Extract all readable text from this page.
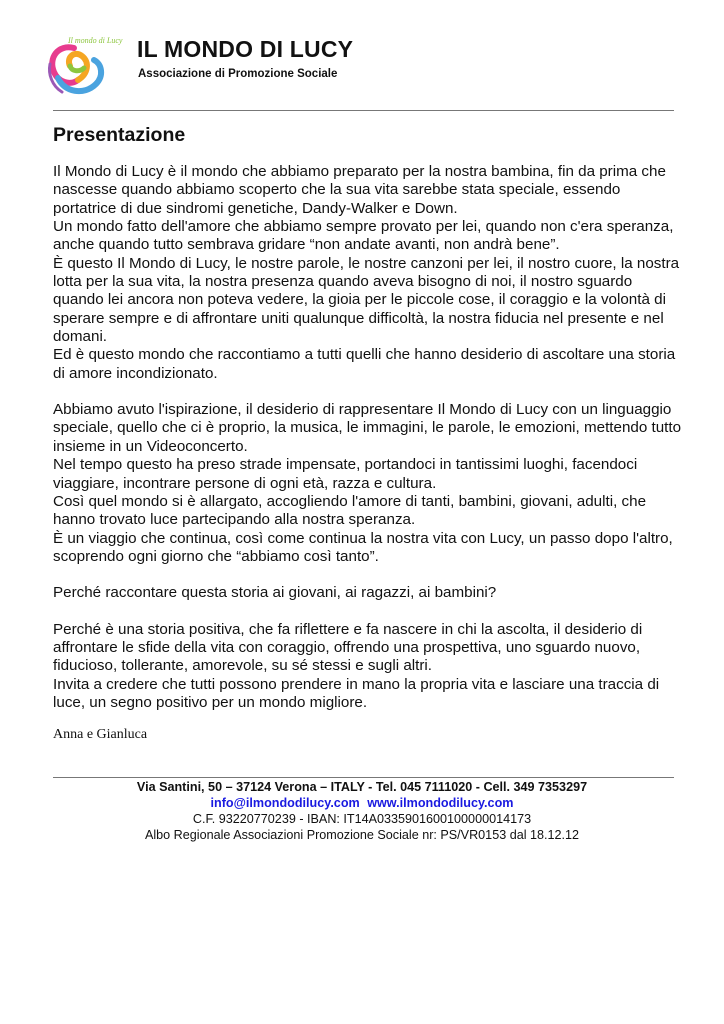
Il mondo di Lucy IL MONDO DI LUCY
Associazione di Promozione Sociale
Presentazione

Il Mondo di Lucy è il mondo che abbiamo preparato per la nostra bambina, fin da prima che nascesse quando abbiamo scoperto che la sua vita sarebbe stata speciale, essendo portatrice di due sindromi genetiche, Dandy-Walker e Down.

Un mondo fatto dell'amore che abbiamo sempre provato per lei, quando non c'era speranza, anche quando tutto sembrava gridare “non andate avanti, non andrà bene”.

È questo Il Mondo di Lucy, le nostre parole, le nostre canzoni per lei, il nostro cuore, la nostra lotta per la sua vita, la nostra presenza quando aveva bisogno di noi, il nostro sguardo quando lei ancora non poteva vedere, la gioia per le piccole cose, il coraggio e la volontà di sperare sempre e di affrontare uniti qualunque difficoltà, la nostra fiducia nel presente e nel domani.

Ed è questo mondo che raccontiamo a tutti quelli che hanno desiderio di ascoltare una storia di amore incondizionato.

Abbiamo avuto l'ispirazione, il desiderio di rappresentare Il Mondo di Lucy con un linguaggio speciale, quello che ci è proprio, la musica, le immagini, le parole, le emozioni, mettendo tutto insieme in un Videoconcerto.

Nel tempo questo ha preso strade impensate, portandoci in tantissimi luoghi, facendoci viaggiare, incontrare persone di ogni età, razza e cultura.

Così quel mondo si è allargato, accogliendo l'amore di tanti, bambini, giovani, adulti, che hanno trovato luce partecipando alla nostra speranza.

È un viaggio che continua, così come continua la nostra vita con Lucy, un passo dopo l'altro, scoprendo ogni giorno che “abbiamo così tanto”.

Perché raccontare questa storia ai giovani, ai ragazzi, ai bambini?

Perché è una storia positiva, che fa riflettere e fa nascere in chi la ascolta, il desiderio di affrontare le sfide della vita con coraggio, offrendo una prospettiva, uno sguardo nuovo, fiducioso, tollerante, amorevole, su sé stessi e sugli altri.

Invita a credere che tutti possono prendere in mano la propria vita e lasciare una traccia di luce, un segno positivo per un mondo migliore.

Anna e Gianluca
Via Santini, 50 – 37124 Verona – ITALY - Tel. 045 7111020 - Cell. 349 7353297
info@ilmondodilucy.com www.ilmondodilucy.com
C.F. 93220770239 - IBAN: IT14A0335901600100000014173
Albo Regionale Associazioni Promozione Sociale nr: PS/VR0153 dal 18.12.12
